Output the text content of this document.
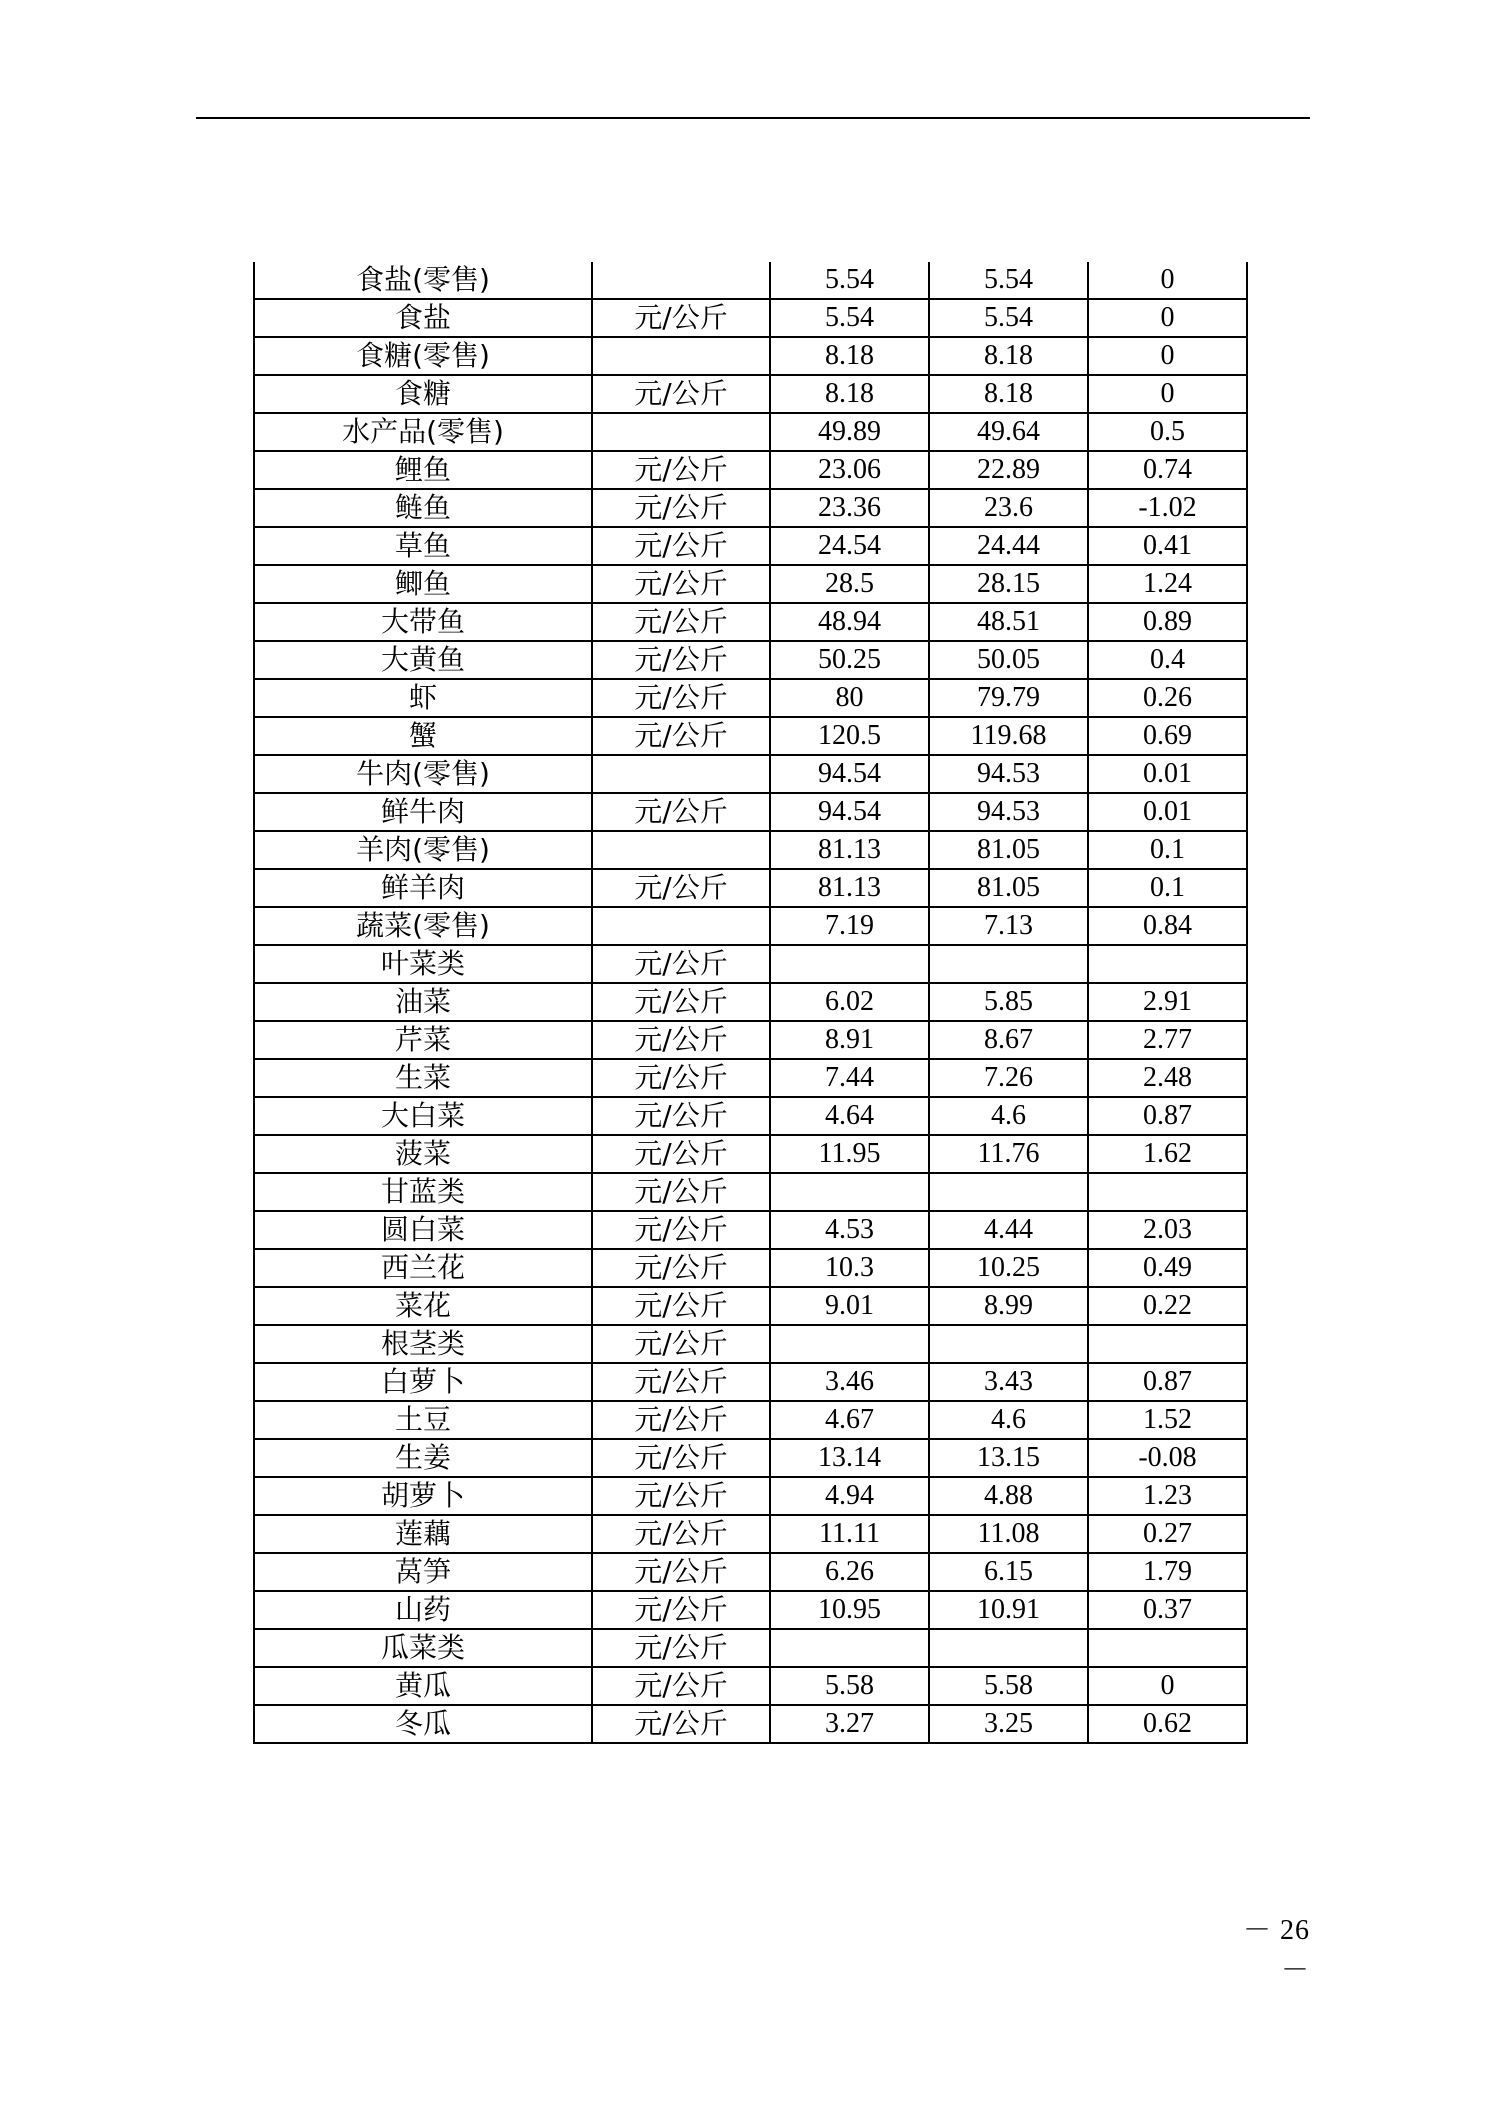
食盐(零售)		5.54	5.54	0
食盐	元/公斤	5.54	5.54	0
食糖(零售)		8.18	8.18	0
食糖	元/公斤	8.18	8.18	0
水产品(零售)		49.89	49.64	0.5
鲤鱼	元/公斤	23.06	22.89	0.74
鲢鱼	元/公斤	23.36	23.6	-1.02
草鱼	元/公斤	24.54	24.44	0.41
鲫鱼	元/公斤	28.5	28.15	1.24
大带鱼	元/公斤	48.94	48.51	0.89
大黄鱼	元/公斤	50.25	50.05	0.4
虾	元/公斤	80	79.79	0.26
蟹	元/公斤	120.5	119.68	0.69
牛肉(零售)		94.54	94.53	0.01
鲜牛肉	元/公斤	94.54	94.53	0.01
羊肉(零售)		81.13	81.05	0.1
鲜羊肉	元/公斤	81.13	81.05	0.1
蔬菜(零售)		7.19	7.13	0.84
叶菜类	元/公斤			
油菜	元/公斤	6.02	5.85	2.91
芹菜	元/公斤	8.91	8.67	2.77
生菜	元/公斤	7.44	7.26	2.48
大白菜	元/公斤	4.64	4.6	0.87
菠菜	元/公斤	11.95	11.76	1.62
甘蓝类	元/公斤			
圆白菜	元/公斤	4.53	4.44	2.03
西兰花	元/公斤	10.3	10.25	0.49
菜花	元/公斤	9.01	8.99	0.22
根茎类	元/公斤			
白萝卜	元/公斤	3.46	3.43	0.87
土豆	元/公斤	4.67	4.6	1.52
生姜	元/公斤	13.14	13.15	-0.08
胡萝卜	元/公斤	4.94	4.88	1.23
莲藕	元/公斤	11.11	11.08	0.27
莴笋	元/公斤	6.26	6.15	1.79
山药	元/公斤	10.95	10.91	0.37
瓜菜类	元/公斤			
黄瓜	元/公斤	5.58	5.58	0
冬瓜	元/公斤	3.27	3.25	0.62
－ 26 －
